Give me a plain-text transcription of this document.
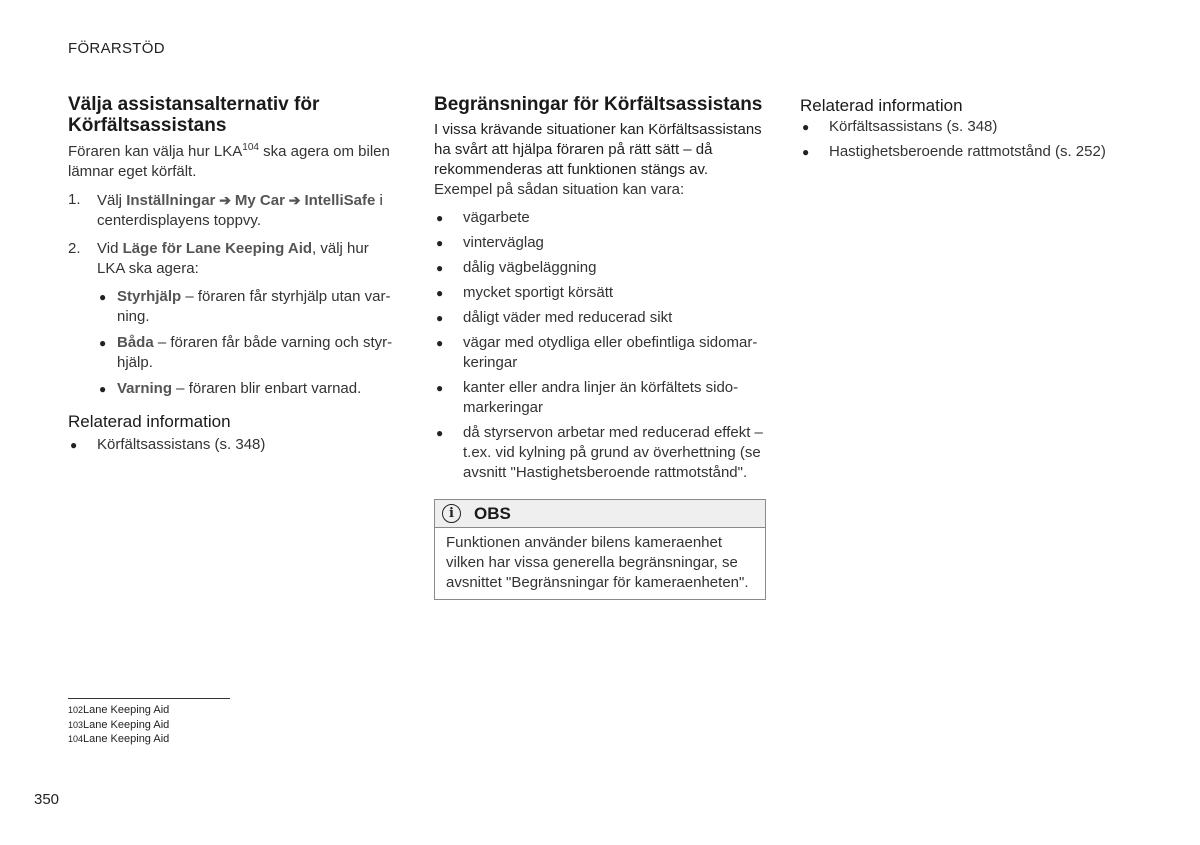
FÖRARSTÖD
Välja assistansalternativ för Körfältsassistans

Föraren kan välja hur LKA$^{104}$ ska agera om bilen lämnar eget körfält.

1. Välj Inställningar ➔ My Car ➔ IntelliSafe i centerdisplayens toppvy.
2. Vid Läge för Lane Keeping Aid, välj hur LKA ska agera:
● Styrhjälp – föraren får styrhjälp utan var-ning.
● Båda – föraren får både varning och styr-hjälp.
● Varning – föraren blir enbart varnad.
Relaterad information
● Körfältsassistans (s. 348)
Begränsningar för Körfältsassistans

I vissa krävande situationer kan Körfältsassistans ha svårt att hjälpa föraren på rätt sätt – då rekommenderas att funktionen stängs av.

Exempel på sådan situation kan vara:

● vägarbete
● vinterväglag
● dålig vägbeläggning
● mycket sportigt körsätt
● dåligt väder med reducerad sikt
● vägar med otydliga eller obefintliga sidomar-keringar
● kanter eller andra linjer än körfältets sido-markeringar
● då styrservon arbetar med reducerad effekt – t.ex. vid kylning på grund av överhettning (se avsnitt "Hastighetsberoende rattmotstånd".
i	OBS
Funktionen använder bilens kameraenhet vilken har vissa generella begränsningar, se avsnittet "Begränsningar för kameraenheten".
Relaterad information
● Körfältsassistans (s. 348)
● Hastighetsberoende rattmotstånd (s. 252)
$^{102}$Lane Keeping Aid
$^{103}$Lane Keeping Aid
$^{104}$Lane Keeping Aid
350
